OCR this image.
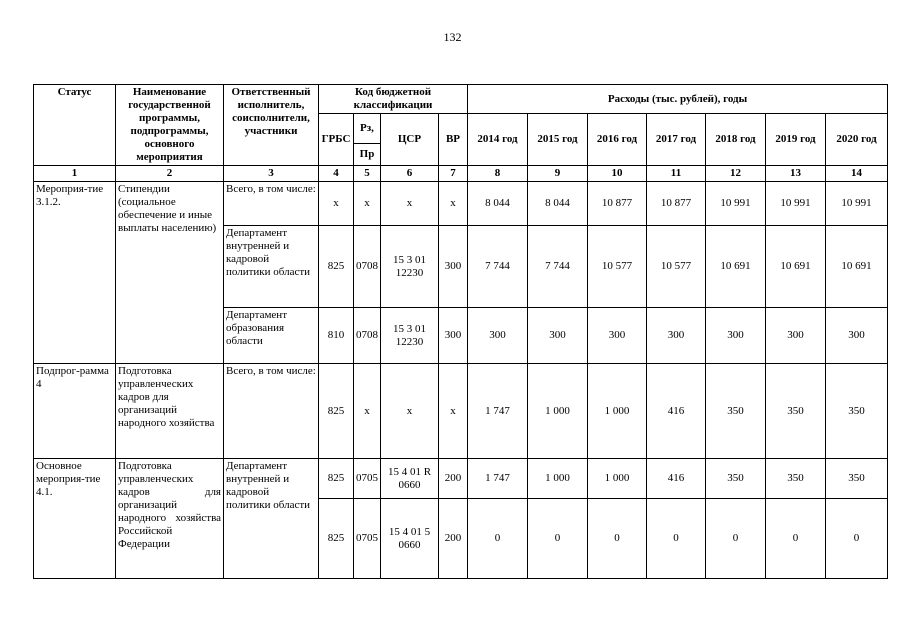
132
Статус	Наименование государственной программы, подпрограммы, основного мероприятия	Ответственный исполнитель, соисполнители, участники	Код бюджетной классификации				Расходы (тыс. рублей), годы						
			ГРБС	Рз,	ЦСР	ВР	2014 год	2015 год	2016 год	2017 год	2018 год	2019 год	2020 год
				Пр									
1	2	3	4	5	6	7	8	9	10	11	12	13	14
Мероприя-тие 3.1.2.	Стипендии (социальное обеспечение и иные выплаты населению)	Всего, в том числе:	х	х	х	х	8 044	8 044	10 877	10 877	10 991	10 991	10 991
		Департамент внутренней и кадровой политики области	825	0708	15 3 01 12230	300	7 744	7 744	10 577	10 577	10 691	10 691	10 691
		Департамент образования области	810	0708	15 3 01 12230	300	300	300	300	300	300	300	300
Подпрог-рамма 4	Подготовка управленческих кадров для организаций народного хозяйства	Всего, в том числе:	825	х	х	х	1 747	1 000	1 000	416	350	350	350
Основное мероприя-тие 4.1.	Подготовка управленческих кадров для организаций народного хозяйства Российской Федерации	Департамент внутренней и кадровой политики области	825	0705	15 4 01 R 0660	200	1 747	1 000	1 000	416	350	350	350
			825	0705	15 4 01 5 0660	200	0	0	0	0	0	0	0
